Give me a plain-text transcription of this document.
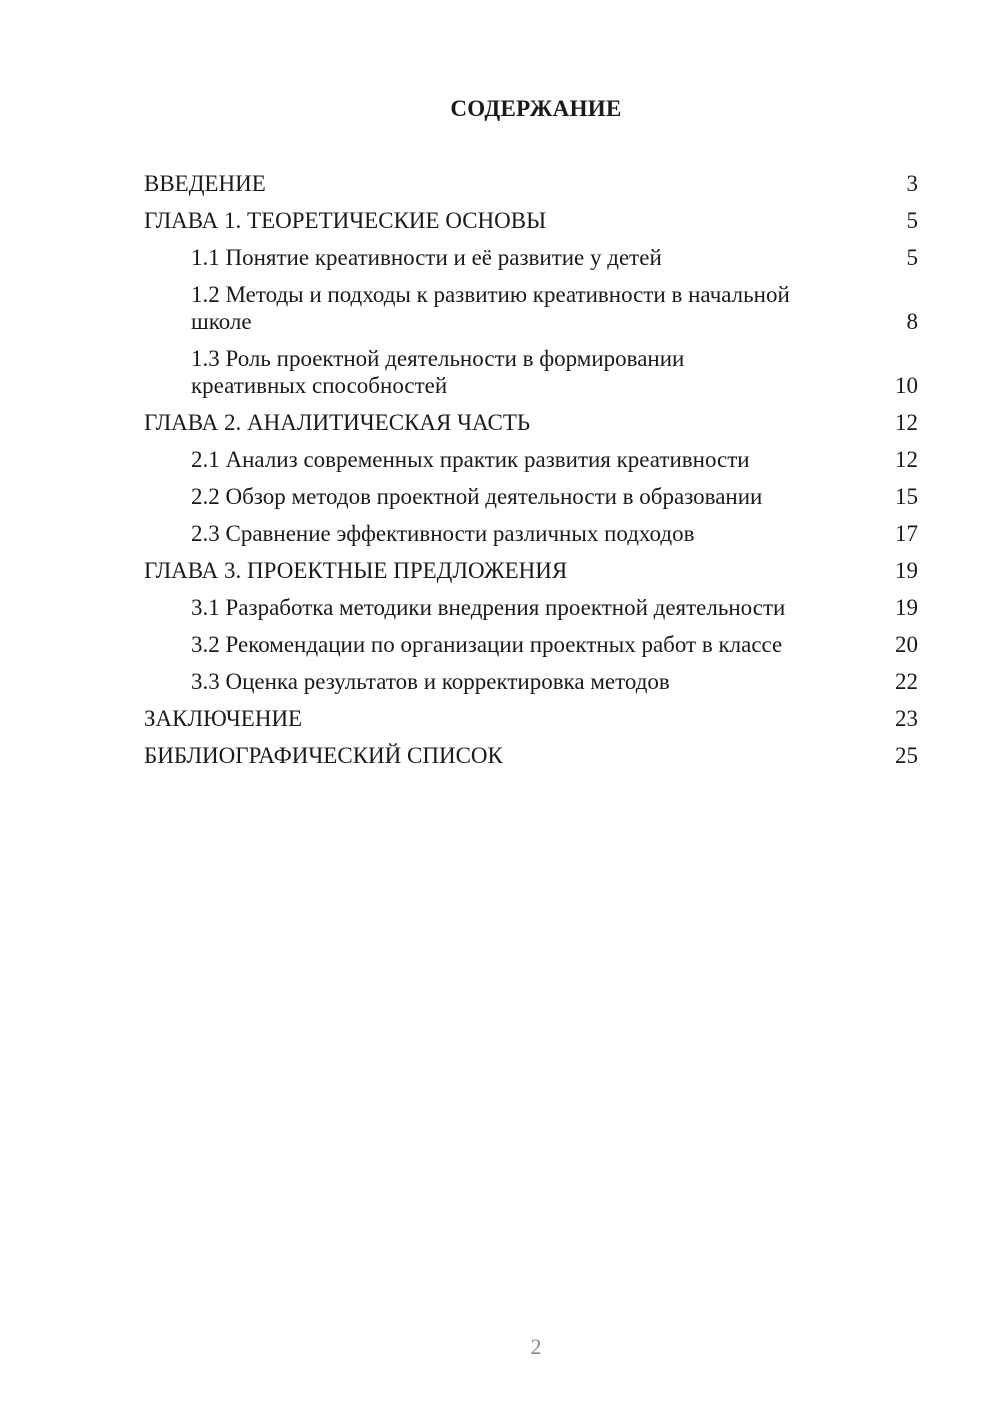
СОДЕРЖАНИЕ
ВВЕДЕНИЕ	3
ГЛАВА 1. ТЕОРЕТИЧЕСКИЕ ОСНОВЫ	5
1.1 Понятие креативности и её развитие у детей	5
1.2 Методы и подходы к развитию креативности в начальной школе	8
1.3 Роль проектной деятельности в формировании креативных способностей	10
ГЛАВА 2. АНАЛИТИЧЕСКАЯ ЧАСТЬ	12
2.1 Анализ современных практик развития креативности	12
2.2 Обзор методов проектной деятельности в образовании	15
2.3 Сравнение эффективности различных подходов	17
ГЛАВА 3. ПРОЕКТНЫЕ ПРЕДЛОЖЕНИЯ	19
3.1 Разработка методики внедрения проектной деятельности	19
3.2 Рекомендации по организации проектных работ в классе	20
3.3 Оценка результатов и корректировка методов	22
ЗАКЛЮЧЕНИЕ	23
БИБЛИОГРАФИЧЕСКИЙ СПИСОК	25

2
